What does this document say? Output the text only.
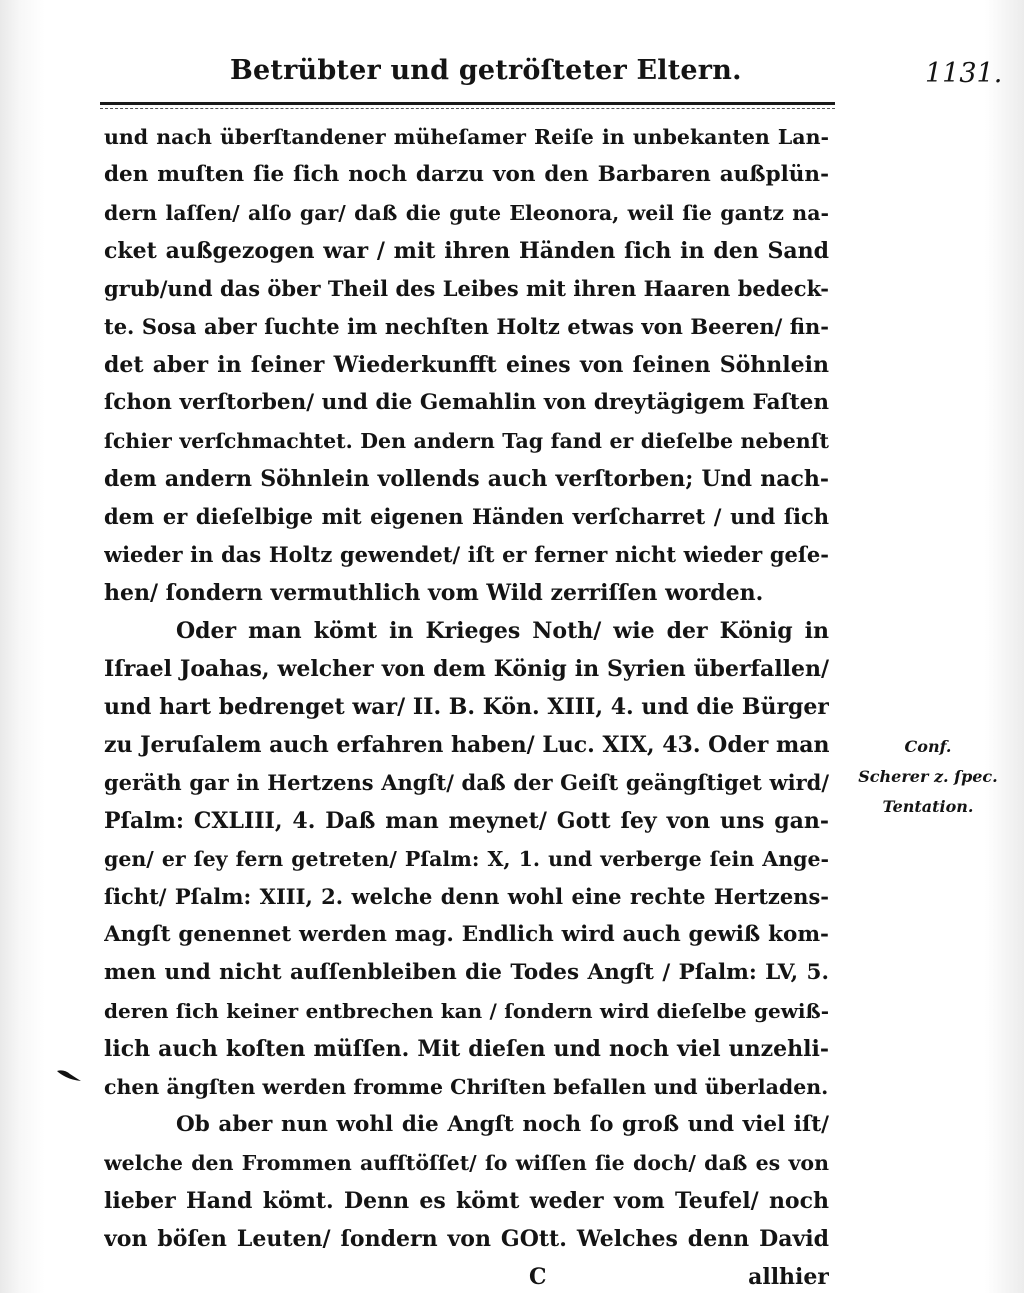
Betrübter und getröſteter Eltern.	1131.
und nach überſtandener müheſamer Reiſe in unbekanten Lan-
den muſten ſie ſich noch darzu von den Barbaren außplün-
dern laſſen/ alſo gar/ daß die gute Eleonora, weil ſie gantz na-
cket außgezogen war / mit ihren Händen ſich in den Sand
grub/und das öber Theil des Leibes mit ihren Haaren bedeck-
te. Sosa aber ſuchte im nechſten Holtz etwas von Beeren/ fin-
det aber in ſeiner Wiederkunfft eines von ſeinen Söhnlein
ſchon verſtorben/ und die Gemahlin von dreytägigem Faſten
ſchier verſchmachtet. Den andern Tag fand er dieſelbe nebenſt
dem andern Söhnlein vollends auch verſtorben; Und nach-
dem er dieſelbige mit eigenen Händen verſcharret / und ſich
wieder in das Holtz gewendet/ iſt er ferner nicht wieder geſe-
hen/ ſondern vermuthlich vom Wild zerriſſen worden.
Oder man kömt in Krieges Noth/ wie der König in
Iſrael Joahas, welcher von dem König in Syrien überfallen/
und hart bedrenget war/ II. B. Kön. XIII, 4. und die Bürger
zu Jeruſalem auch erfahren haben/ Luc. XIX, 43. Oder man
geräth gar in Hertzens Angſt/ daß der Geiſt geängſtiget wird/
Pſalm: CXLIII, 4. Daß man meynet/ Gott ſey von uns gan-
gen/ er ſey fern getreten/ Pſalm: X, 1. und verberge ſein Ange-
ſicht/ Pſalm: XIII, 2. welche denn wohl eine rechte Hertzens-
Angſt genennet werden mag. Endlich wird auch gewiß kom-
men und nicht auſſenbleiben die Todes Angſt / Pſalm: LV, 5.
deren ſich keiner entbrechen kan / ſondern wird dieſelbe gewiß-
lich auch koſten müſſen. Mit dieſen und noch viel unzehli-
chen ängſten werden fromme Chriſten befallen und überladen.
Ob aber nun wohl die Angſt noch ſo groß und viel iſt/
welche den Frommen aufſtöſſet/ ſo wiſſen ſie doch/ daß es von
lieber Hand kömt. Denn es kömt weder vom Teufel/ noch
von böſen Leuten/ ſondern von GOtt. Welches denn David
C	allhier
Conf.
Scherer z. ſpec.
Tentation.
